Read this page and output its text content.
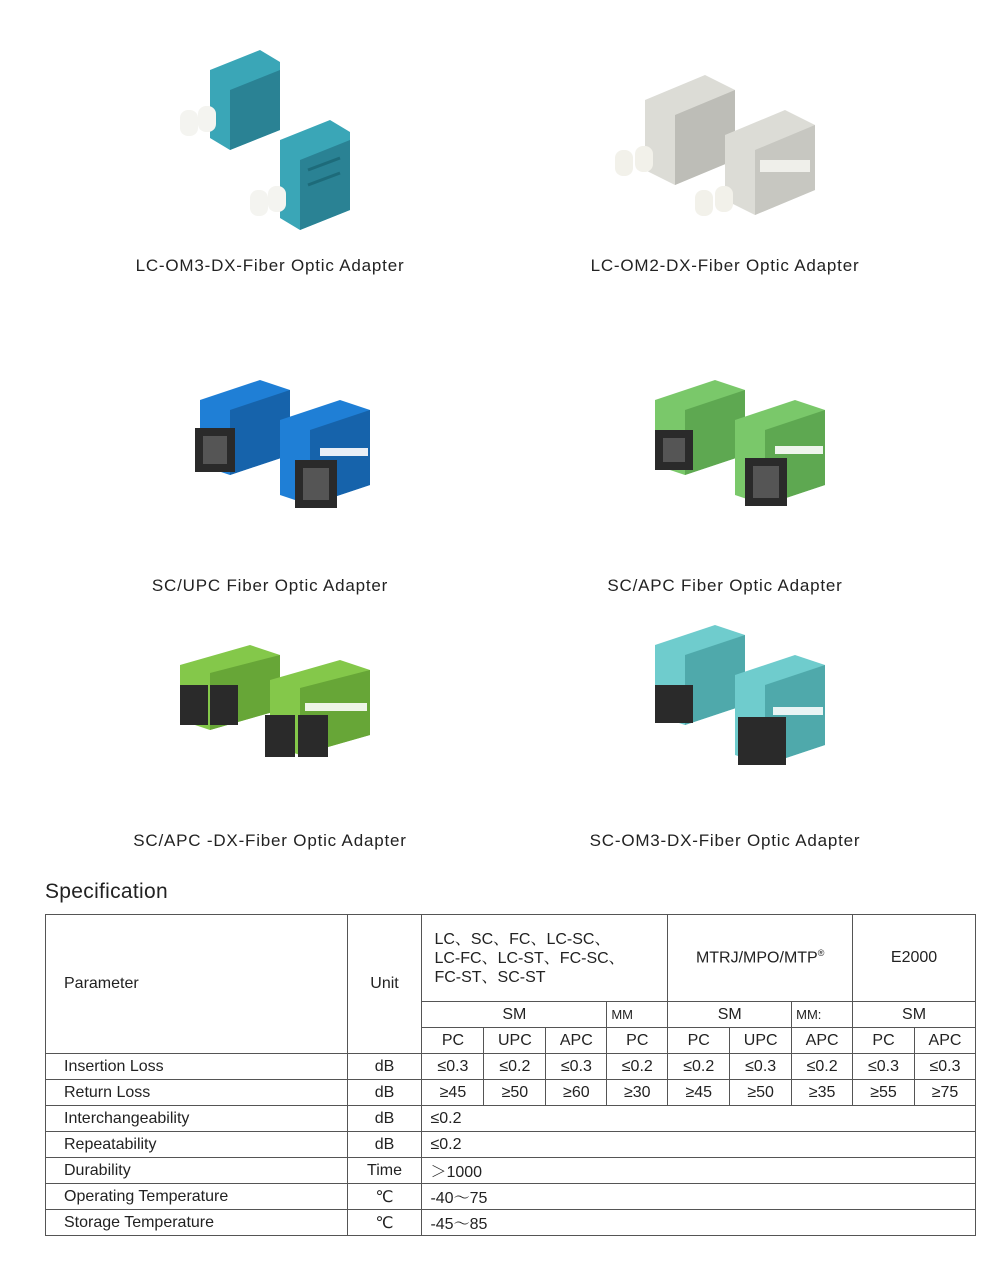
LC-OM3-DX-Fiber Optic Adapter	LC-OM2-DX-Fiber Optic Adapter
SC/UPC Fiber Optic Adapter	SC/APC Fiber Optic Adapter
SC/APC -DX-Fiber Optic Adapter	SC-OM3-DX-Fiber Optic Adapter
Specification
Parameter	Unit	LC、SC、FC、LC-SC、
LC-FC、LC-ST、FC-SC、
FC-ST、SC-ST				MTRJ/MPO/MTP®			E2000	
		SM			MM	SM		MM:	SM	
		PC	UPC	APC	PC	PC	UPC	APC	PC	APC
Insertion Loss	dB	≤0.3	≤0.2	≤0.3	≤0.2	≤0.2	≤0.3	≤0.2	≤0.3	≤0.3
Return Loss	dB	≥45	≥50	≥60	≥30	≥45	≥50	≥35	≥55	≥75
Interchangeability	dB	≤0.2								
Repeatability	dB	≤0.2								
Durability	Time	＞1000								
Operating Temperature	℃	-40～75								
Storage Temperature	℃	-45～85								
